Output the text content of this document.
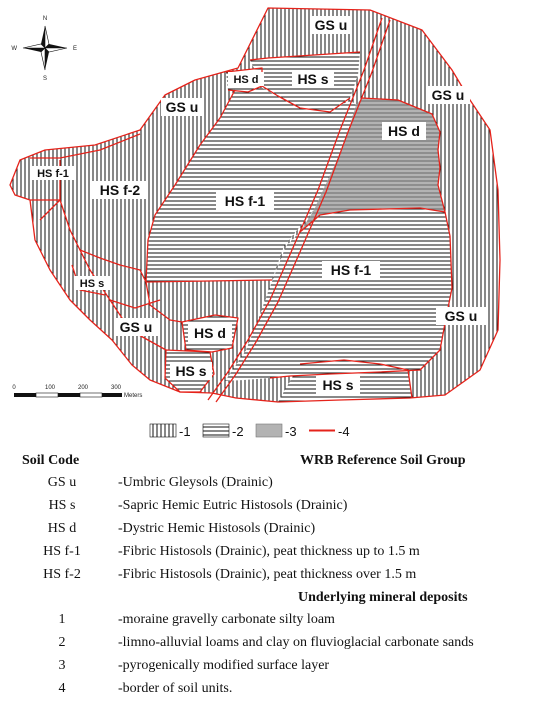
GS u
HS s
HS d
GS u
GS u
HS d
HS f-1
HS f-2
HS f-1
HS f-1
HS s
GS u	HS d
GS u
HS s
HS s
N
S
E
W
0	100	200	300
Meters
-1	-2	-3	-4
Soil Code	WRB Reference Soil Group
GS u	-Umbric Gleysols (Drainic)
HS s	-Sapric Hemic Eutric Histosols (Drainic)
HS d	-Dystric Hemic Histosols (Drainic)
HS f-1	-Fibric Histosols (Drainic), peat thickness up to 1.5 m
HS f-2	-Fibric Histosols (Drainic), peat thickness over 1.5 m
Underlying mineral deposits
1	-moraine gravelly carbonate silty loam
2	-limno-alluvial loams and clay on fluvioglacial carbonate sands
3	-pyrogenically modified surface layer
4	-border of soil units.
